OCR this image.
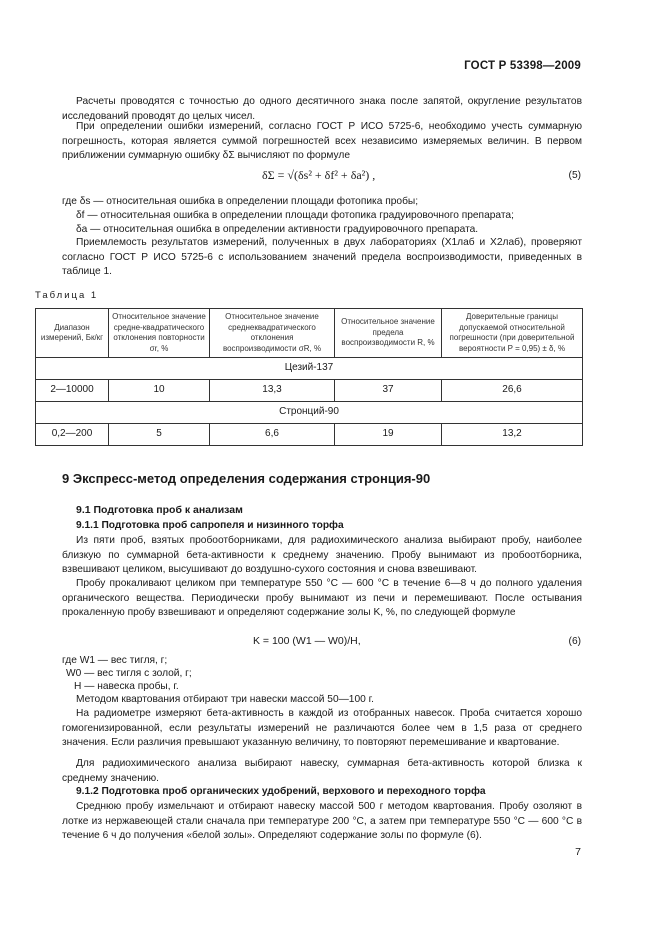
ГОСТ Р 53398—2009
Расчеты проводятся с точностью до одного десятичного знака после запятой, округление результатов исследований проводят до целых чисел.
При определении ошибки измерений, согласно ГОСТ Р ИСО 5725-6, необходимо учесть суммарную погрешность, которая является суммой погрешностей всех независимо измеряемых величин. В первом приближении суммарную ошибку δΣ вычисляют по формуле
δΣ = √(δs² + δf² + δa²) ,	(5)
где δs — относительная ошибка в определении площади фотопика пробы;
δf — относительная ошибка в определении площади фотопика градуировочного препарата;
δa — относительная ошибка в определении активности градуировочного препарата.
Приемлемость результатов измерений, полученных в двух лабораториях (X1лаб и X2лаб), проверяют согласно ГОСТ Р ИСО 5725-6 с использованием значений предела воспроизводимости, приведенных в таблице 1.
Таблица 1
Диапазон измерений, Бк/кг	Относительное значение средне-квадратического отклонения повторности σr, %	Относительное значение среднеквадратического отклонения воспроизводимости σR, %	Относительное значение предела воспроизводимости R, %	Доверительные границы допускаемой относительной погрешности (при доверительной вероятности P = 0,95) ± δ, %
Цезий-137				
2—10000	10	13,3	37	26,6
Стронций-90				
0,2—200	5	6,6	19	13,2
9 Экспресс-метод определения содержания стронция-90
9.1 Подготовка проб к анализам
9.1.1 Подготовка проб сапропеля и низинного торфа
Из пяти проб, взятых пробоотборниками, для радиохимического анализа выбирают пробу, наиболее близкую по суммарной бета-активности к среднему значению. Пробу вынимают из пробоотборника, взвешивают целиком, высушивают до воздушно-сухого состояния и снова взвешивают.
Пробу прокаливают целиком при температуре 550 °C — 600 °C в течение 6—8 ч до полного удаления органического вещества. Периодически пробу вынимают из печи и перемешивают. После остывания прокаленную пробу взвешивают и определяют содержание золы K, %, по следующей формуле
K = 100 (W1 — W0)/H,	(6)
где W1 — вес тигля, г;
W0 — вес тигля с золой, г;
Н — навеска пробы, г.
Методом квартования отбирают три навески массой 50—100 г.
На радиометре измеряют бета-активность в каждой из отобранных навесок. Проба считается хорошо гомогенизированной, если результаты измерений не различаются более чем в 1,5 раза от среднего значения. Если различия превышают указанную величину, то повторяют перемешивание и квартование.
Для радиохимического анализа выбирают навеску, суммарная бета-активность которой близка к среднему значению.
9.1.2 Подготовка проб органических удобрений, верхового и переходного торфа
Среднюю пробу измельчают и отбирают навеску массой 500 г методом квартования. Пробу озоляют в лотке из нержавеющей стали сначала при температуре 200 °C, а затем при температуре 550 °C — 600 °C в течение 6 ч до получения «белой золы». Определяют содержание золы по формуле (6).
7
